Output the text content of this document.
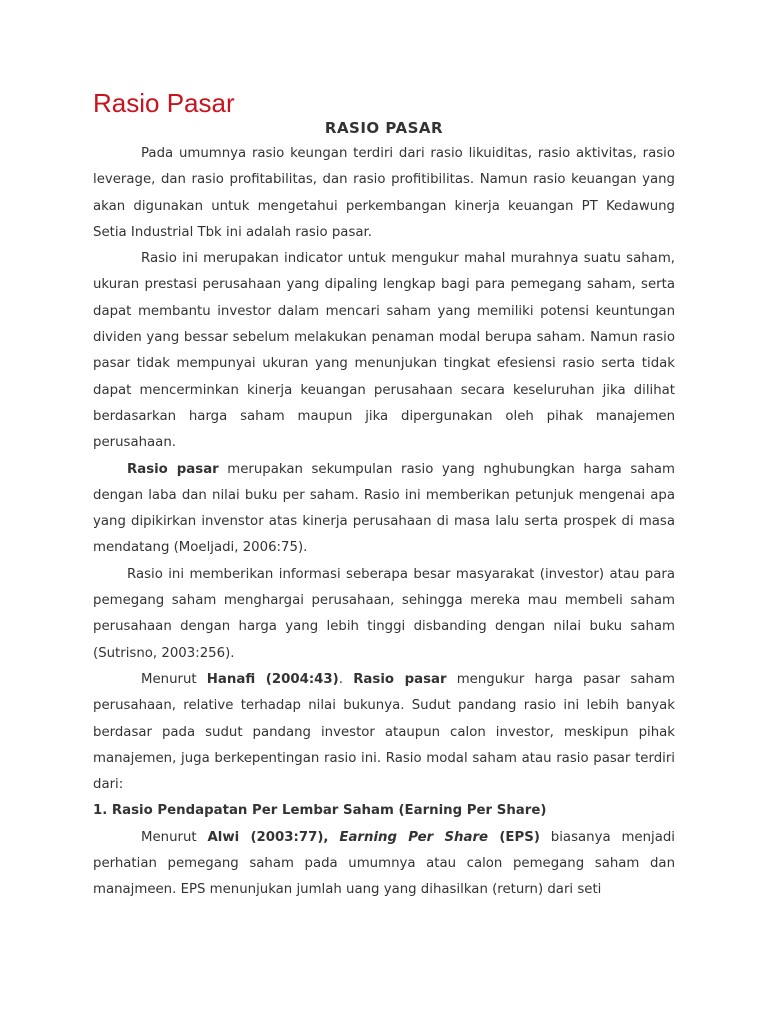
Rasio Pasar
RASIO PASAR

Pada umumnya rasio keungan terdiri dari rasio likuiditas, rasio aktivitas, rasio leverage, dan rasio profitabilitas, dan rasio profitibilitas. Namun rasio keuangan yang akan digunakan untuk mengetahui perkembangan kinerja keuangan PT Kedawung Setia Industrial Tbk ini adalah rasio pasar.

Rasio ini merupakan indicator untuk mengukur mahal murahnya suatu saham, ukuran prestasi perusahaan yang dipaling lengkap bagi para pemegang saham, serta dapat membantu investor dalam mencari saham yang memiliki potensi keuntungan dividen yang bessar sebelum melakukan penaman modal berupa saham. Namun rasio pasar tidak mempunyai ukuran yang menunjukan tingkat efesiensi rasio serta tidak dapat mencerminkan kinerja keuangan perusahaan secara keseluruhan jika dilihat berdasarkan harga saham maupun jika dipergunakan oleh pihak manajemen perusahaan.

Rasio pasar merupakan sekumpulan rasio yang nghubungkan harga saham dengan laba dan nilai buku per saham. Rasio ini memberikan petunjuk mengenai apa yang dipikirkan invenstor atas kinerja perusahaan di masa lalu serta prospek di masa mendatang (Moeljadi, 2006:75).

Rasio ini memberikan informasi seberapa besar masyarakat (investor) atau para pemegang saham menghargai perusahaan, sehingga mereka mau membeli saham perusahaan dengan harga yang lebih tinggi disbanding dengan nilai buku saham (Sutrisno, 2003:256).

Menurut Hanafi (2004:43). Rasio pasar mengukur harga pasar saham perusahaan, relative terhadap nilai bukunya. Sudut pandang rasio ini lebih banyak berdasar pada sudut pandang investor ataupun calon investor, meskipun pihak manajemen, juga berkepentingan rasio ini. Rasio modal saham atau rasio pasar terdiri dari:

1. Rasio Pendapatan Per Lembar Saham (Earning Per Share)

Menurut Alwi (2003:77), Earning Per Share (EPS) biasanya menjadi perhatian pemegang saham pada umumnya atau calon pemegang saham dan manajmeen. EPS menunjukan jumlah uang yang dihasilkan (return) dari seti
